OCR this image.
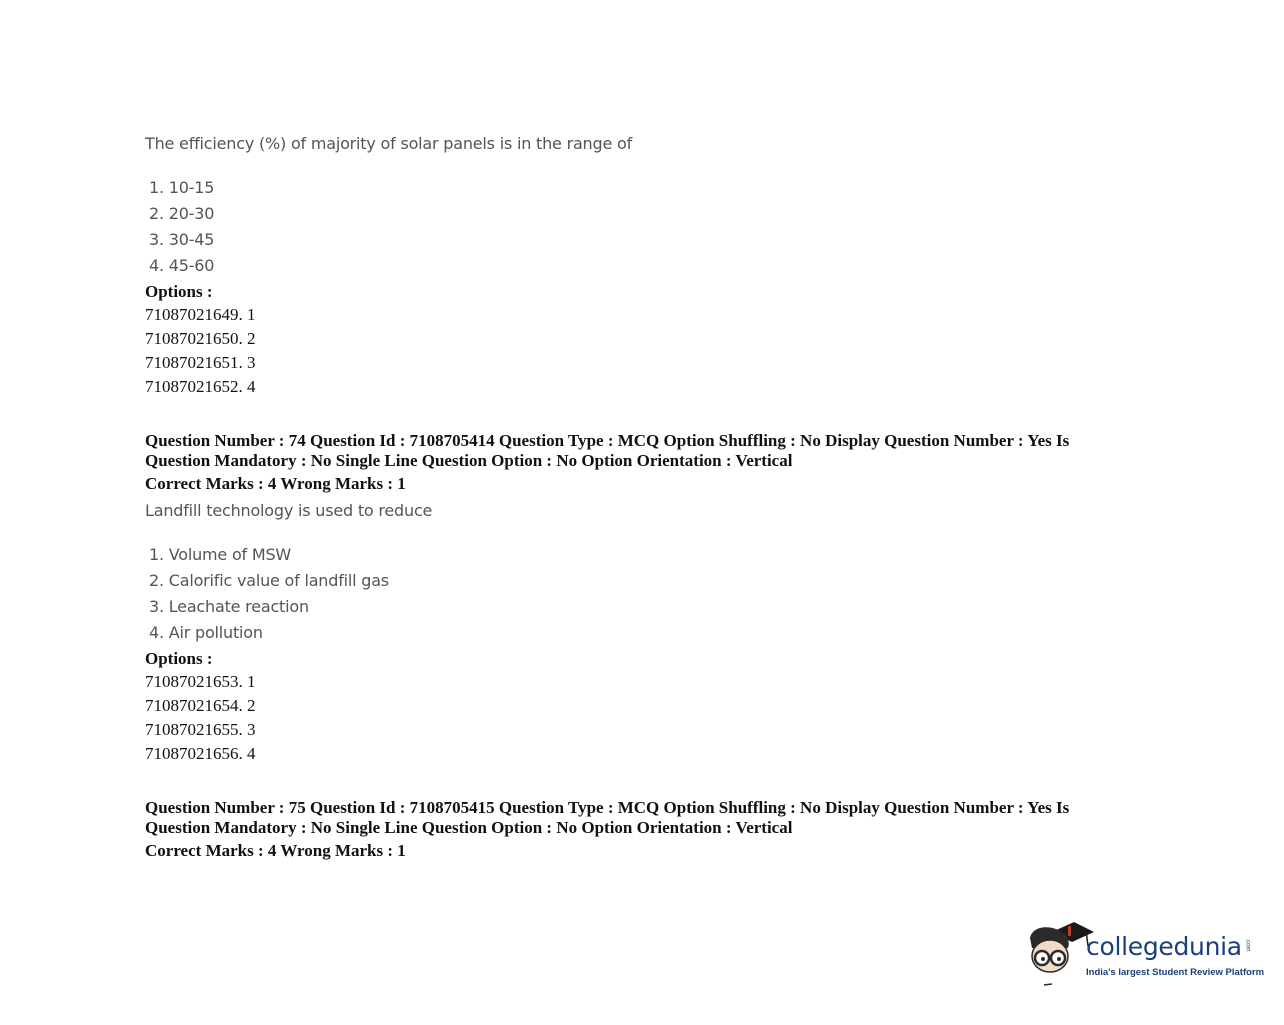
The efficiency (%) of majority of solar panels is in the range of
1. 10-15
2. 20-30
3. 30-45
4. 45-60
Options :
71087021649. 1
71087021650. 2
71087021651. 3
71087021652. 4
Question Number : 74 Question Id : 7108705414 Question Type : MCQ Option Shuffling : No Display Question Number : Yes Is
Question Mandatory : No Single Line Question Option : No Option Orientation : Vertical
Correct Marks : 4 Wrong Marks : 1
Landfill technology is used to reduce
1. Volume of MSW
2. Calorific value of landfill gas
3. Leachate reaction
4. Air pollution
Options :
71087021653. 1
71087021654. 2
71087021655. 3
71087021656. 4
Question Number : 75 Question Id : 7108705415 Question Type : MCQ Option Shuffling : No Display Question Number : Yes Is
Question Mandatory : No Single Line Question Option : No Option Orientation : Vertical
Correct Marks : 4 Wrong Marks : 1
collegedunia .com
India's largest Student Review Platform
